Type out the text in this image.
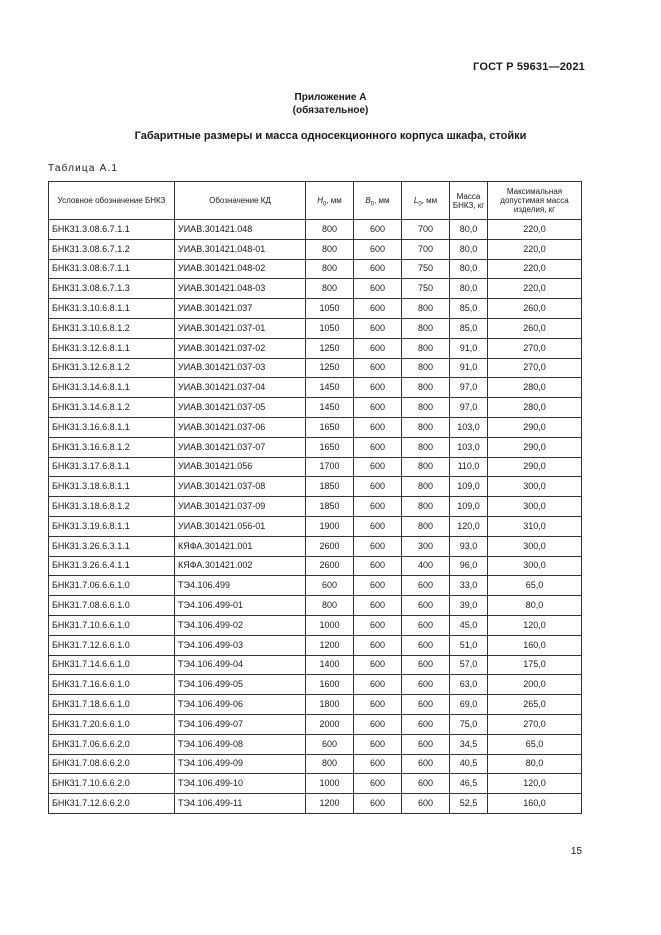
ГОСТ Р 59631—2021
Приложение А
(обязательное)
Габаритные размеры и масса односекционного корпуса шкафа, стойки
Таблица А.1
Условное обозначение БНКЗ	Обозначение КД	$H_0$, мм	$B_0$, мм	$L_0$, мм	Масса БНКЗ, кг	Максимальная допустимая масса изделия, кг
БНК31.3.08.6.7.1.1	УИАВ.301421.048	800	600	700	80,0	220,0
БНК31.3.08.6.7.1.2	УИАВ.301421.048-01	800	600	700	80,0	220,0
БНК31.3.08.6.7.1.1	УИАВ.301421.048-02	800	600	750	80,0	220,0
БНК31.3.08.6.7.1.3	УИАВ.301421.048-03	800	600	750	80,0	220,0
БНК31.3.10.6.8.1.1	УИАВ.301421.037	1050	600	800	85,0	260,0
БНК31.3.10.6.8.1.2	УИАВ.301421.037-01	1050	600	800	85,0	260,0
БНК31.3.12.6.8.1.1	УИАВ.301421.037-02	1250	600	800	91,0	270,0
БНК31.3.12.6.8.1.2	УИАВ.301421.037-03	1250	600	800	91,0	270,0
БНК31.3.14.6.8.1.1	УИАВ.301421.037-04	1450	600	800	97,0	280,0
БНК31.3.14.6.8.1.2	УИАВ.301421.037-05	1450	600	800	97,0	280,0
БНК31.3.16.6.8.1.1	УИАВ.301421.037-06	1650	600	800	103,0	290,0
БНК31.3.16.6.8.1.2	УИАВ.301421.037-07	1650	600	800	103,0	290,0
БНК31.3.17.6.8.1.1	УИАВ.301421.056	1700	600	800	110,0	290,0
БНК31.3.18.6.8.1.1	УИАВ.301421.037-08	1850	600	800	109,0	300,0
БНК31.3.18.6.8.1.2	УИАВ.301421.037-09	1850	600	800	109,0	300,0
БНК31.3.19.6.8.1.1	УИАВ.301421.056-01	1900	600	800	120,0	310,0
БНК31.3.26.6.3.1.1	КЯФА.301421.001	2600	600	300	93,0	300,0
БНК31.3.26.6.4.1.1	КЯФА.301421.002	2600	600	400	96,0	300,0
БНК31.7.06.6.6.1.0	ТЭ4.106.499	600	600	600	33,0	65,0
БНК31.7.08.6.6.1.0	ТЭ4.106.499-01	800	600	600	39,0	80,0
БНК31.7.10.6.6.1.0	ТЭ4.106.499-02	1000	600	600	45,0	120,0
БНК31.7.12.6.6.1.0	ТЭ4.106.499-03	1200	600	600	51,0	160,0
БНК31.7.14.6.6.1.0	ТЭ4.106.499-04	1400	600	600	57,0	175,0
БНК31.7.16.6.6.1.0	ТЭ4.106.499-05	1600	600	600	63,0	200,0
БНК31.7.18.6.6.1.0	ТЭ4.106.499-06	1800	600	600	69,0	265,0
БНК31.7.20.6.6.1.0	ТЭ4.106.499-07	2000	600	600	75,0	270,0
БНК31.7.06.6.6.2.0	ТЭ4.106.499-08	600	600	600	34,5	65,0
БНК31.7.08.6.6.2.0	ТЭ4.106.499-09	800	600	600	40,5	80,0
БНК31.7.10.6.6.2.0	ТЭ4.106.499-10	1000	600	600	46,5	120,0
БНК31.7.12.6.6.2.0	ТЭ4.106.499-11	1200	600	600	52,5	160,0
15
